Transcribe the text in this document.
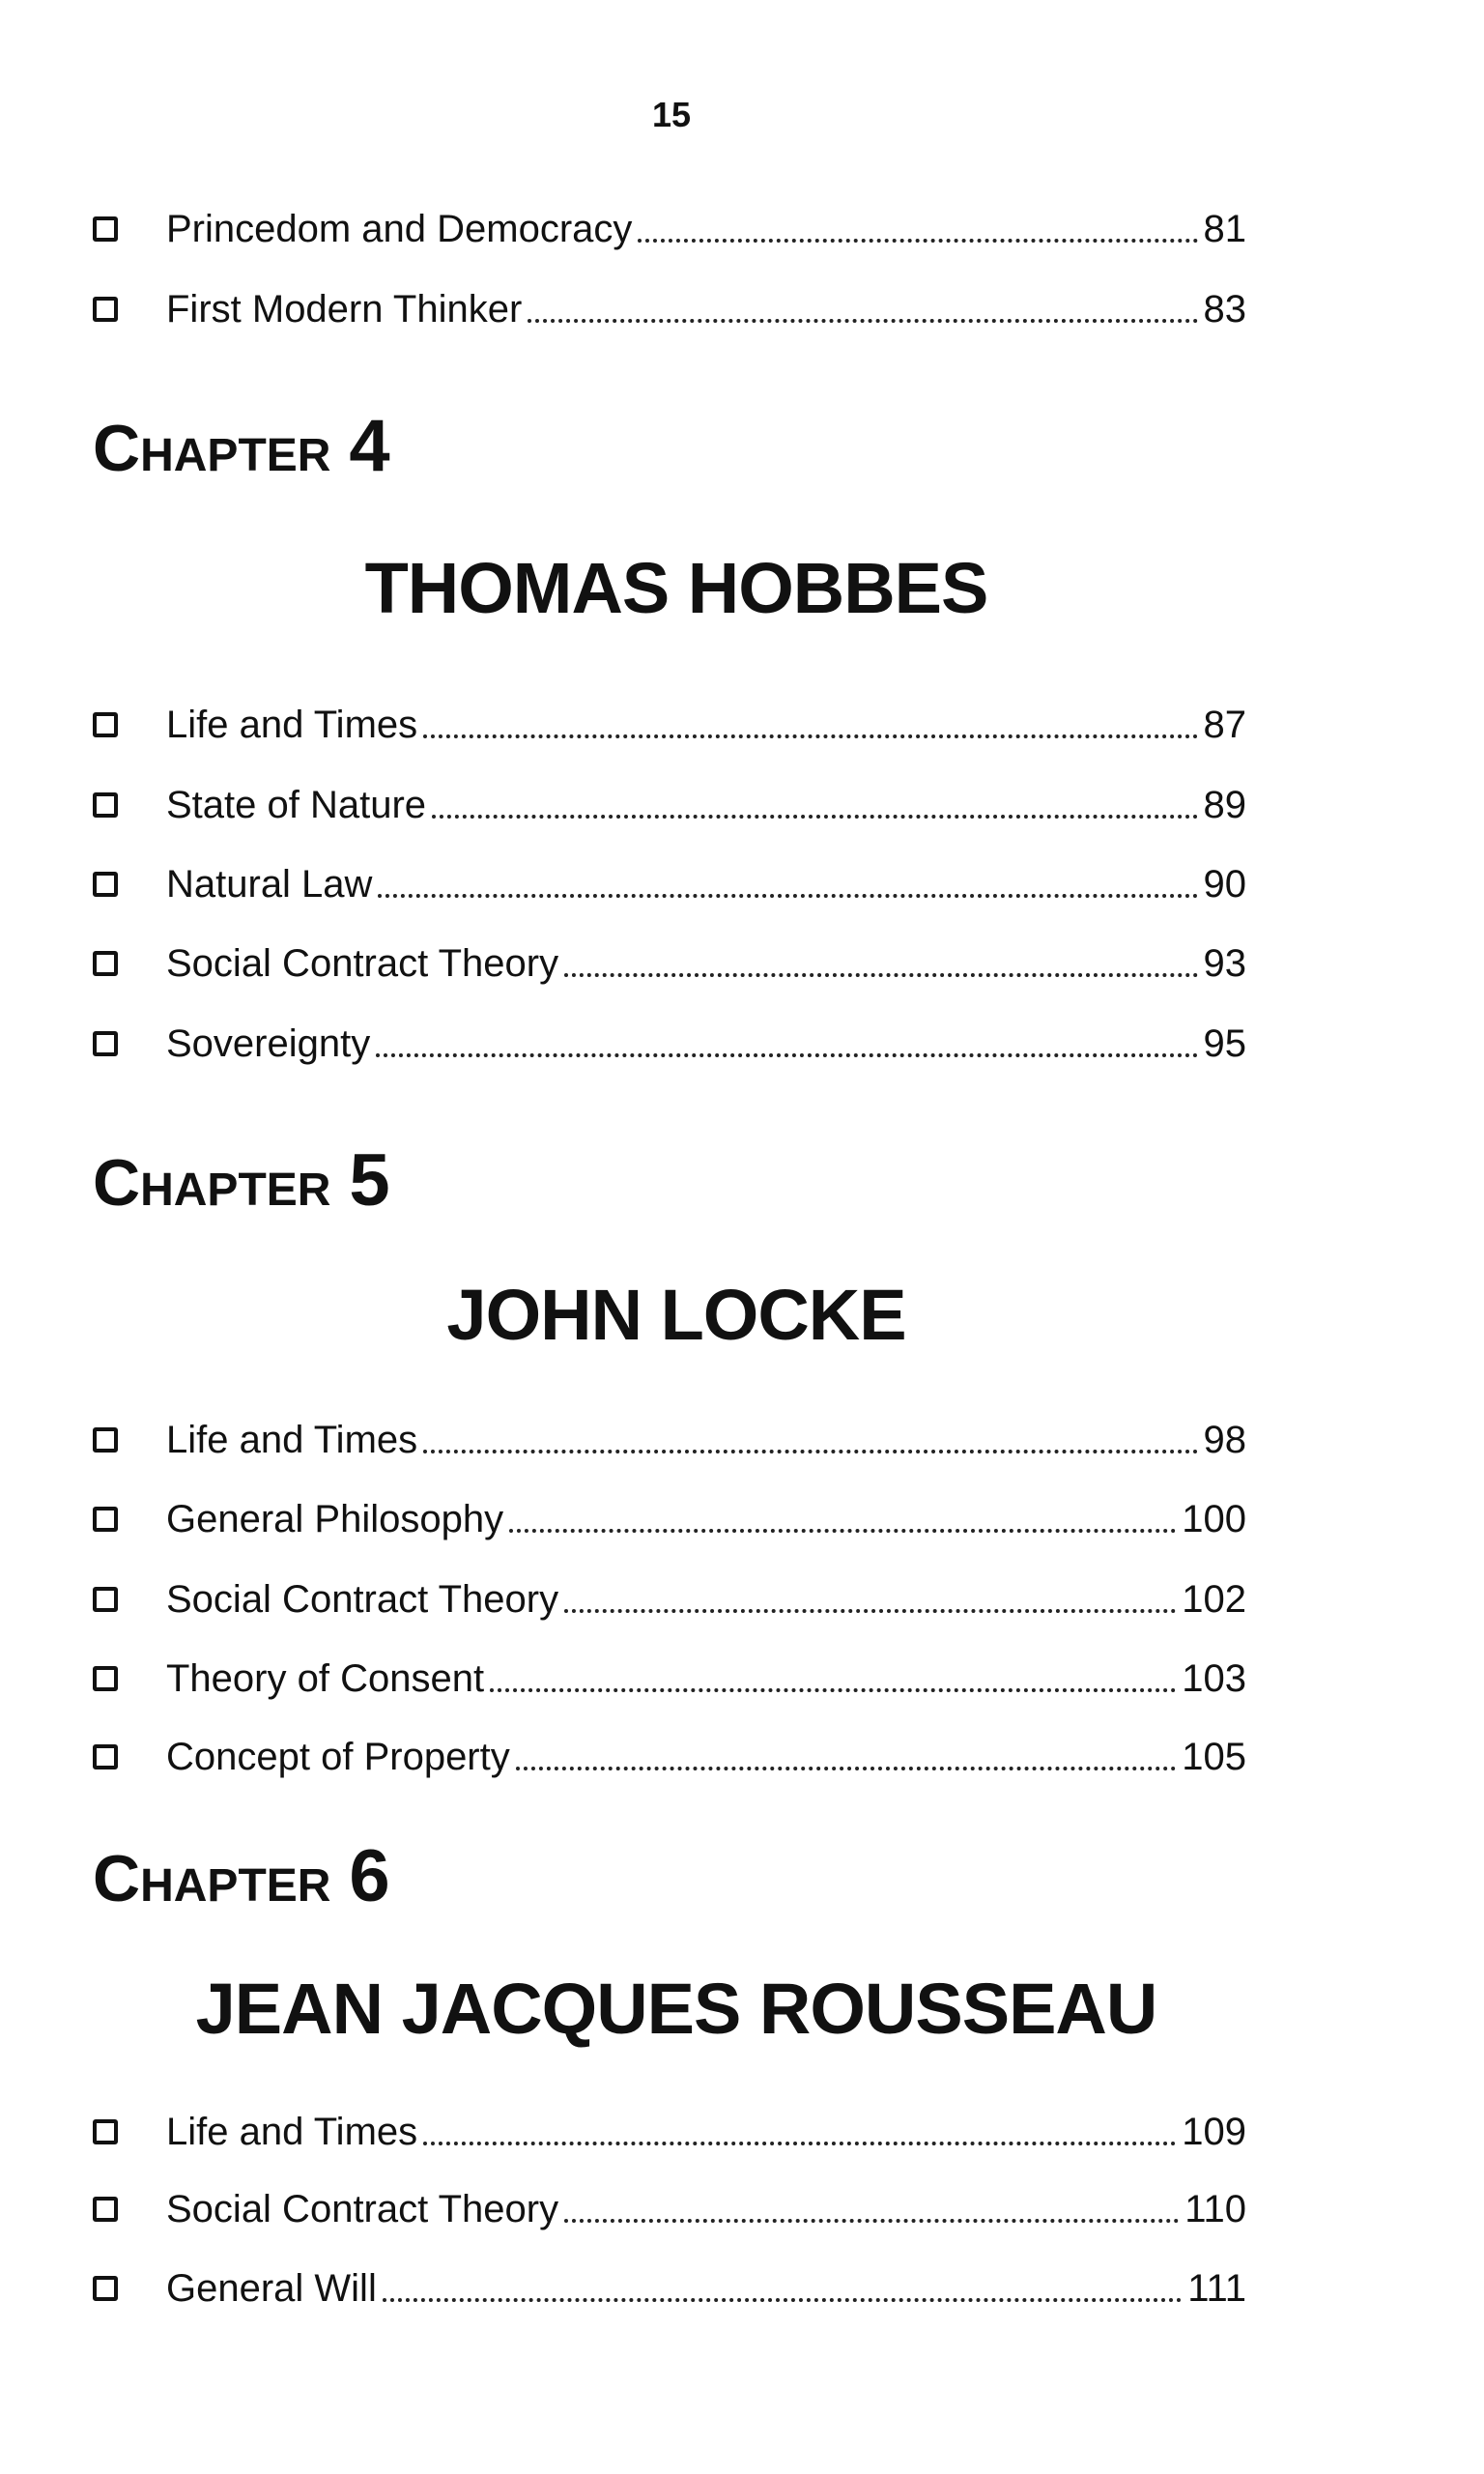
15
Princedom and Democracy	81
First Modern Thinker	83
Chapter 4
THOMAS HOBBES
Life and Times	87
State of Nature	89
Natural Law	90
Social Contract Theory	93
Sovereignty	95
Chapter 5
JOHN LOCKE
Life and Times	98
General Philosophy	100
Social Contract Theory	102
Theory of Consent	103
Concept of Property	105
Chapter 6
JEAN JACQUES ROUSSEAU
Life and Times	109
Social Contract Theory	110
General Will	111
